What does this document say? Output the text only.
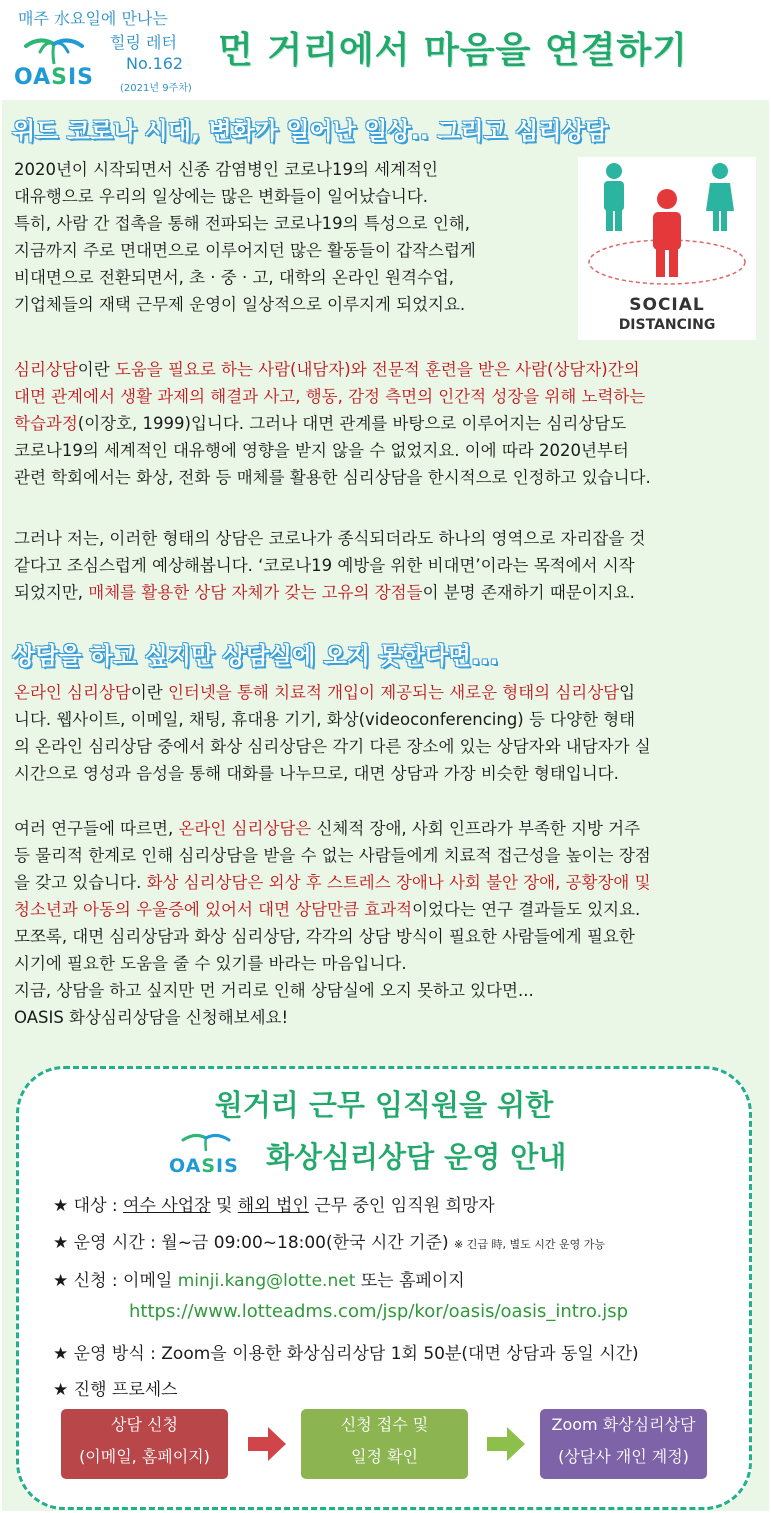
매주 水요일에 만나는
힐링 레터
No.162
(2021년 9주차)
OASIS
먼 거리에서 마음을 연결하기
위드 코로나 시대, 변화가 일어난 일상.. 그리고 심리상담
2020년이 시작되면서 신종 감염병인 코로나19의 세계적인
대유행으로 우리의 일상에는 많은 변화들이 일어났습니다.
특히, 사람 간 접촉을 통해 전파되는 코로나19의 특성으로 인해,
지금까지 주로 면대면으로 이루어지던 많은 활동들이 갑작스럽게
비대면으로 전환되면서, 초 · 중 · 고, 대학의 온라인 원격수업,
기업체들의 재택 근무제 운영이 일상적으로 이루지게 되었지요.	SOCIAL
DISTANCING
심리상담이란 도움을 필요로 하는 사람(내담자)와 전문적 훈련을 받은 사람(상담자)간의
대면 관계에서 생활 과제의 해결과 사고, 행동, 감정 측면의 인간적 성장을 위해 노력하는
학습과정(이장호, 1999)입니다. 그러나 대면 관계를 바탕으로 이루어지는 심리상담도
코로나19의 세계적인 대유행에 영향을 받지 않을 수 없었지요. 이에 따라 2020년부터
관련 학회에서는 화상, 전화 등 매체를 활용한 심리상담을 한시적으로 인정하고 있습니다.
그러나 저는, 이러한 형태의 상담은 코로나가 종식되더라도 하나의 영역으로 자리잡을 것
같다고 조심스럽게 예상해봅니다. ‘코로나19 예방을 위한 비대면’이라는 목적에서 시작
되었지만, 매체를 활용한 상담 자체가 갖는 고유의 장점들이 분명 존재하기 때문이지요.
상담을 하고 싶지만 상담실에 오지 못한다면...
온라인 심리상담이란 인터넷을 통해 치료적 개입이 제공되는 새로운 형태의 심리상담입
니다. 웹사이트, 이메일, 채팅, 휴대용 기기, 화상(videoconferencing) 등 다양한 형태
의 온라인 심리상담 중에서 화상 심리상담은 각기 다른 장소에 있는 상담자와 내담자가 실
시간으로 영성과 음성을 통해 대화를 나누므로, 대면 상담과 가장 비슷한 형태입니다.
여러 연구들에 따르면, 온라인 심리상담은 신체적 장애, 사회 인프라가 부족한 지방 거주
등 물리적 한계로 인해 심리상담을 받을 수 없는 사람들에게 치료적 접근성을 높이는 장점
을 갖고 있습니다. 화상 심리상담은 외상 후 스트레스 장애나 사회 불안 장애, 공황장애 및
청소년과 아동의 우울증에 있어서 대면 상담만큼 효과적이었다는 연구 결과들도 있지요.
모쪼록, 대면 심리상담과 화상 심리상담, 각각의 상담 방식이 필요한 사람들에게 필요한
시기에 필요한 도움을 줄 수 있기를 바라는 마음입니다.
지금, 상담을 하고 싶지만 먼 거리로 인해 상담실에 오지 못하고 있다면...
OASIS 화상심리상담을 신청해보세요!
원거리 근무 임직원을 위한
OASIS 화상심리상담 운영 안내
★ 대상 : 여수 사업장 및 해외 법인 근무 중인 임직원 희망자
★ 운영 시간 : 월~금 09:00~18:00(한국 시간 기준) ※ 긴급 時, 별도 시간 운영 가능
★ 신청 : 이메일 minji.kang@lotte.net 또는 홈페이지
https://www.lotteadms.com/jsp/kor/oasis/oasis_intro.jsp
★ 운영 방식 : Zoom을 이용한 화상심리상담 1회 50분(대면 상담과 동일 시간)
★ 진행 프로세스
상담 신청
(이메일, 홈페이지)
신청 접수 및
일정 확인
Zoom 화상심리상담
(상담사 개인 계정)
